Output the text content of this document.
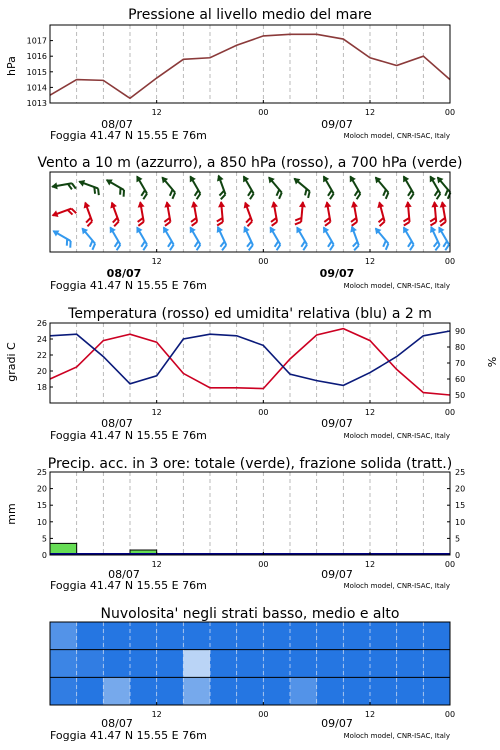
Pressione al livello medio del mare
hPa
1013
1014
1015
1016
1017
12	00	12	00
08/07	09/07
Foggia 41.47 N 15.55 E 76m	Moloch model, CNR-ISAC, Italy
Vento a 10 m (azzurro), a 850 hPa (rosso), a 700 hPa (verde)
12	00	12	00
08/07	09/07
Foggia 41.47 N 15.55 E 76m	Moloch model, CNR-ISAC, Italy
Temperatura (rosso) ed umidita' relativa (blu) a 2 m
gradi C	%
18
20
22
24
26
50
60
70
80
90
12	00	12	00
08/07	09/07
Foggia 41.47 N 15.55 E 76m	Moloch model, CNR-ISAC, Italy
Precip. acc. in 3 ore: totale (verde), frazione solida (tratt.)
mm
0
5
10
15
20
25
0
5
10
15
20
25
12	00	12	00
08/07	09/07
Foggia 41.47 N 15.55 E 76m	Moloch model, CNR-ISAC, Italy
Nuvolosita' negli strati basso, medio e alto
12	00	12	00
08/07	09/07
Foggia 41.47 N 15.55 E 76m	Moloch model, CNR-ISAC, Italy
